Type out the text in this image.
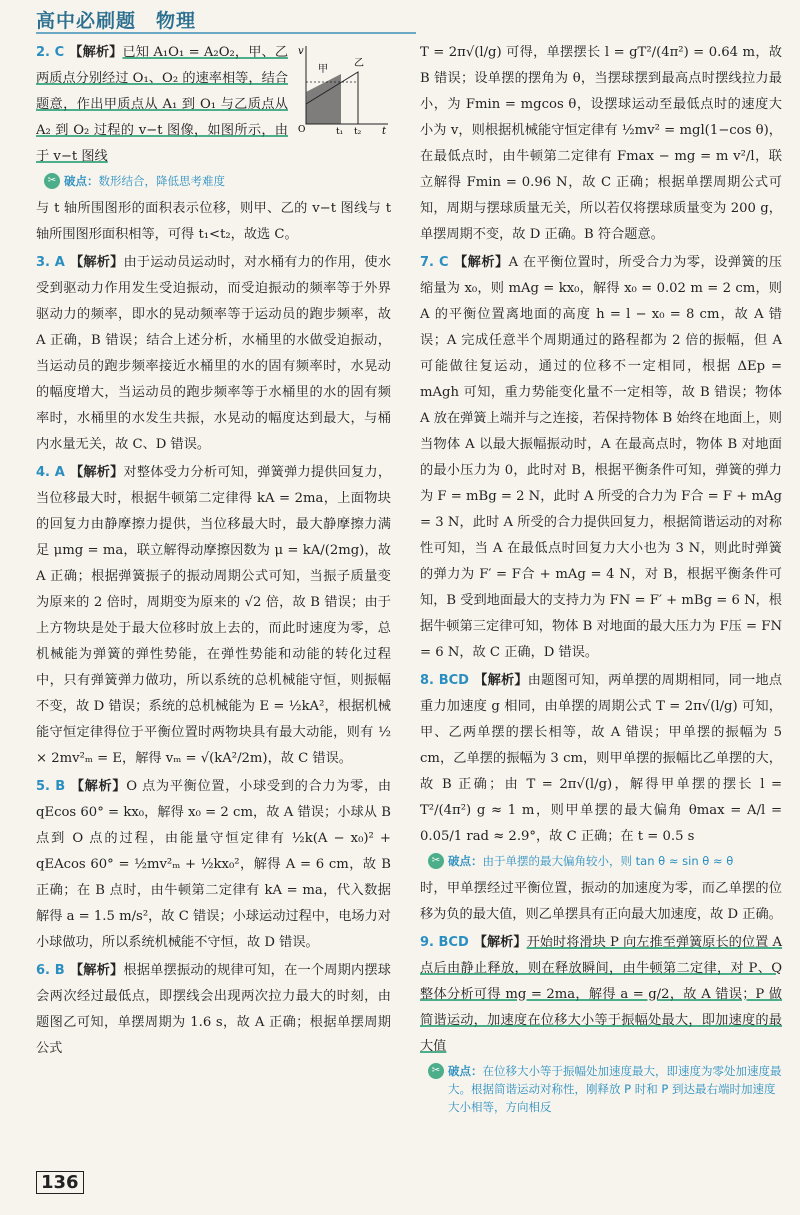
高中必刷题　物理
v
t
甲
乙
t₁ t₂
O
2. C 【解析】已知 A₁O₁ = A₂O₂，甲、乙两质点分别经过 O₁、O₂ 的速率相等，结合题意，作出甲质点从 A₁ 到 O₁ 与乙质点从 A₂ 到 O₂ 过程的 v−t 图像，如图所示，由于 v−t 图线
✂ 破点：数形结合，降低思考难度
与 t 轴所围图形的面积表示位移，则甲、乙的 v−t 图线与 t 轴所围图形面积相等，可得 t₁<t₂，故选 C。
3. A 【解析】由于运动员运动时，对水桶有力的作用，使水受到驱动力作用发生受迫振动，而受迫振动的频率等于外界驱动力的频率，即水的晃动频率等于运动员的跑步频率，故 A 正确，B 错误；结合上述分析，水桶里的水做受迫振动，当运动员的跑步频率接近水桶里的水的固有频率时，水晃动的幅度增大，当运动员的跑步频率等于水桶里的水的固有频率时，水桶里的水发生共振，水晃动的幅度达到最大，与桶内水量无关，故 C、D 错误。
4. A 【解析】对整体受力分析可知，弹簧弹力提供回复力，当位移最大时，根据牛顿第二定律得 kA = 2ma，上面物块的回复力由静摩擦力提供，当位移最大时，最大静摩擦力满足 μmg = ma，联立解得动摩擦因数为 μ = kA/(2mg)，故 A 正确；根据弹簧振子的振动周期公式可知，当振子质量变为原来的 2 倍时，周期变为原来的 √2 倍，故 B 错误；由于上方物块是处于最大位移时放上去的，而此时速度为零，总机械能为弹簧的弹性势能，在弹性势能和动能的转化过程中，只有弹簧弹力做功，所以系统的总机械能守恒，则振幅不变，故 D 错误；系统的总机械能为 E = ½kA²，根据机械能守恒定律得位于平衡位置时两物块具有最大动能，则有 ½ × 2mv²ₘ = E，解得 vₘ = √(kA²/2m)，故 C 错误。
5. B 【解析】O 点为平衡位置，小球受到的合力为零，由 qEcos 60° = kx₀，解得 x₀ = 2 cm，故 A 错误；小球从 B 点到 O 点的过程，由能量守恒定律有 ½k(A − x₀)² + qEAcos 60° = ½mv²ₘ + ½kx₀²，解得 A = 6 cm，故 B 正确；在 B 点时，由牛顿第二定律有 kA = ma，代入数据解得 a = 1.5 m/s²，故 C 错误；小球运动过程中，电场力对小球做功，所以系统机械能不守恒，故 D 错误。
6. B 【解析】根据单摆振动的规律可知，在一个周期内摆球会两次经过最低点，即摆线会出现两次拉力最大的时刻，由题图乙可知，单摆周期为 1.6 s，故 A 正确；根据单摆周期公式
T = 2π√(l/g) 可得，单摆摆长 l = gT²/(4π²) = 0.64 m，故 B 错误；设单摆的摆角为 θ，当摆球摆到最高点时摆线拉力最小，为 Fmin = mgcos θ，设摆球运动至最低点时的速度大小为 v，则根据机械能守恒定律有 ½mv² = mgl(1−cos θ)，在最低点时，由牛顿第二定律有 Fmax − mg = m v²/l，联立解得 Fmin = 0.96 N，故 C 正确；根据单摆周期公式可知，周期与摆球质量无关，所以若仅将摆球质量变为 200 g，单摆周期不变，故 D 正确。B 符合题意。
7. C 【解析】A 在平衡位置时，所受合力为零，设弹簧的压缩量为 x₀，则 mAg = kx₀，解得 x₀ = 0.02 m = 2 cm，则 A 的平衡位置离地面的高度 h = l − x₀ = 8 cm，故 A 错误；A 完成任意半个周期通过的路程都为 2 倍的振幅，但 A 可能做往复运动，通过的位移不一定相同，根据 ΔEp = mAgh 可知，重力势能变化量不一定相等，故 B 错误；物体 A 放在弹簧上端并与之连接，若保持物体 B 始终在地面上，则当物体 A 以最大振幅振动时，A 在最高点时，物体 B 对地面的最小压力为 0，此时对 B，根据平衡条件可知，弹簧的弹力为 F = mBg = 2 N，此时 A 所受的合力为 F合 = F + mAg = 3 N，此时 A 所受的合力提供回复力，根据简谐运动的对称性可知，当 A 在最低点时回复力大小也为 3 N，则此时弹簧的弹力为 F′ = F合 + mAg = 4 N，对 B，根据平衡条件可知，B 受到地面最大的支持力为 FN = F′ + mBg = 6 N，根据牛顿第三定律可知，物体 B 对地面的最大压力为 F压 = FN = 6 N，故 C 正确，D 错误。
8. BCD 【解析】由题图可知，两单摆的周期相同，同一地点重力加速度 g 相同，由单摆的周期公式 T = 2π√(l/g) 可知，甲、乙两单摆的摆长相等，故 A 错误；甲单摆的振幅为 5 cm，乙单摆的振幅为 3 cm，则甲单摆的振幅比乙单摆的大，故 B 正确；由 T = 2π√(l/g)，解得甲单摆的摆长 l = T²/(4π²) g ≈ 1 m，则甲单摆的最大偏角 θmax = A/l = 0.05/1 rad ≈ 2.9°，故 C 正确；在 t = 0.5 s
✂ 破点：由于单摆的最大偏角较小，则 tan θ ≈ sin θ ≈ θ
时，甲单摆经过平衡位置，振动的加速度为零，而乙单摆的位移为负的最大值，则乙单摆具有正向最大加速度，故 D 正确。
9. BCD 【解析】开始时将滑块 P 向左推至弹簧原长的位置 A 点后由静止释放，则在释放瞬间，由牛顿第二定律，对 P、Q 整体分析可得 mg = 2ma，解得 a = g/2，故 A 错误；P 做简谐运动，加速度在位移大小等于振幅处最大，即加速度的最大值
✂ 破点：在位移大小等于振幅处加速度最大，即速度为零处加速度最大。根据简谐运动对称性，刚释放 P 时和 P 到达最右端时加速度大小相等，方向相反
136
